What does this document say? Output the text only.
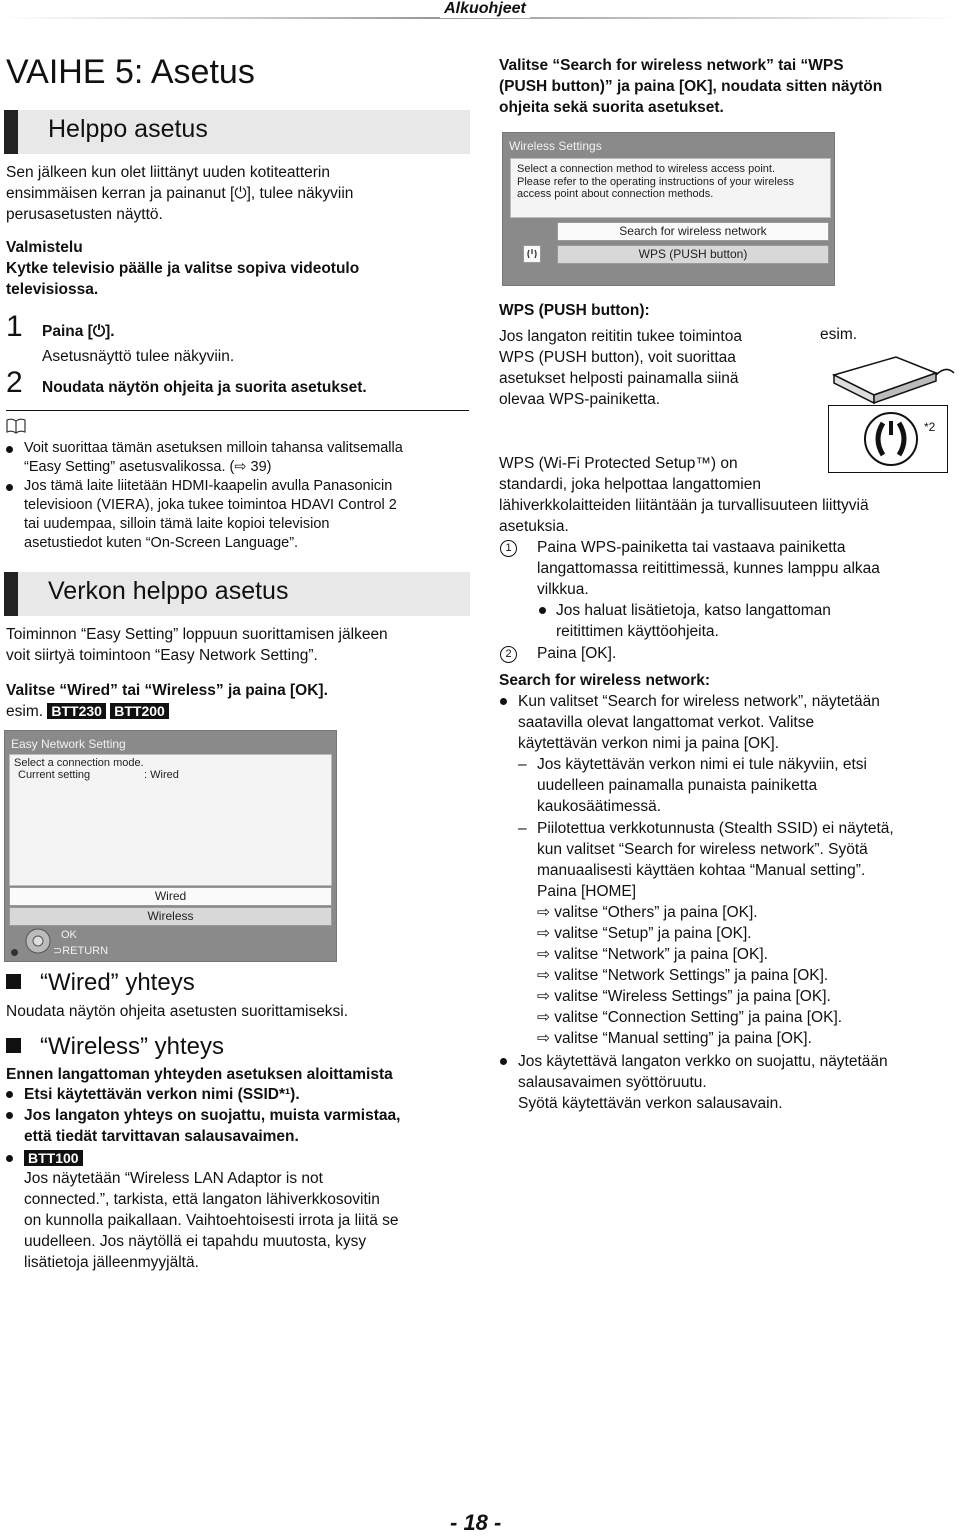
Alkuohjeet
VAIHE 5: Asetus
Helppo asetus
Sen jälkeen kun olet liittänyt uuden kotiteatterin
ensimmäisen kerran ja painanut [⏻], tulee näkyviin
perusasetusten näyttö.
Valmistelu
Kytke televisio päälle ja valitse sopiva videotulo
televisiossa.
1 Paina [⏻].
Asetusnäyttö tulee näkyviin.
2 Noudata näytön ohjeita ja suorita asetukset.
Voit suorittaa tämän asetuksen milloin tahansa valitsemalla
“Easy Setting” asetusvalikossa. (⇨ 39)
Jos tämä laite liitetään HDMI-kaapelin avulla Panasonicin
televisioon (VIERA), joka tukee toimintoa HDAVI Control 2
tai uudempaa, silloin tämä laite kopioi television
asetustiedot kuten “On-Screen Language”.
Verkon helppo asetus
Toiminnon “Easy Setting” loppuun suorittamisen jälkeen
voit siirtyä toimintoon “Easy Network Setting”.
Valitse “Wired” tai “Wireless” ja paina [OK].
esim. BTT230 BTT200
Easy Network Setting
Select a connection mode.
Current setting	: Wired
Wired
Wireless
OK
⊃RETURN
“Wired” yhteys
Noudata näytön ohjeita asetusten suorittamiseksi.
“Wireless” yhteys
Ennen langattoman yhteyden asetuksen aloittamista
Etsi käytettävän verkon nimi (SSID*¹).
Jos langaton yhteys on suojattu, muista varmistaa,
että tiedät tarvittavan salausavaimen.
BTT100
Jos näytetään “Wireless LAN Adaptor is not
connected.”, tarkista, että langaton lähiverkkosovitin
on kunnolla paikallaan. Vaihtoehtoisesti irrota ja liitä se
uudelleen. Jos näytöllä ei tapahdu muutosta, kysy
lisätietoja jälleenmyyjältä.
Valitse “Search for wireless network” tai “WPS
(PUSH button)” ja paina [OK], noudata sitten näytön
ohjeita sekä suorita asetukset.
Wireless Settings
Select a connection method to wireless access point.
Please refer to the operating instructions of your wireless
access point about connection methods.
Search for wireless network
WPS (PUSH button)
WPS (PUSH button):
Jos langaton reititin tukee toimintoa
WPS (PUSH button), voit suorittaa
asetukset helposti painamalla siinä
olevaa WPS-painiketta.
esim.
*2
WPS (Wi-Fi Protected Setup™) on
standardi, joka helpottaa langattomien
lähiverkkolaitteiden liitäntään ja turvallisuuteen liittyviä
asetuksia.
1	Paina WPS-painiketta tai vastaava painiketta
langattomassa reitittimessä, kunnes lamppu alkaa
vilkkua.
Jos haluat lisätietoja, katso langattoman
reitittimen käyttöohjeita.
2	Paina [OK].
Search for wireless network:
Kun valitset “Search for wireless network”, näytetään
saatavilla olevat langattomat verkot. Valitse
käytettävän verkon nimi ja paina [OK].
– Jos käytettävän verkon nimi ei tule näkyviin, etsi
uudelleen painamalla punaista painiketta
kaukosäätimessä.
– Piilotettua verkkotunnusta (Stealth SSID) ei näytetä,
kun valitset “Search for wireless network”. Syötä
manuaalisesti käyttäen kohtaa “Manual setting”.
Paina [HOME]
⇨ valitse “Others” ja paina [OK].
⇨ valitse “Setup” ja paina [OK].
⇨ valitse “Network” ja paina [OK].
⇨ valitse “Network Settings” ja paina [OK].
⇨ valitse “Wireless Settings” ja paina [OK].
⇨ valitse “Connection Setting” ja paina [OK].
⇨ valitse “Manual setting” ja paina [OK].
Jos käytettävä langaton verkko on suojattu, näytetään
salausavaimen syöttöruutu.
Syötä käytettävän verkon salausavain.
- 18 -
